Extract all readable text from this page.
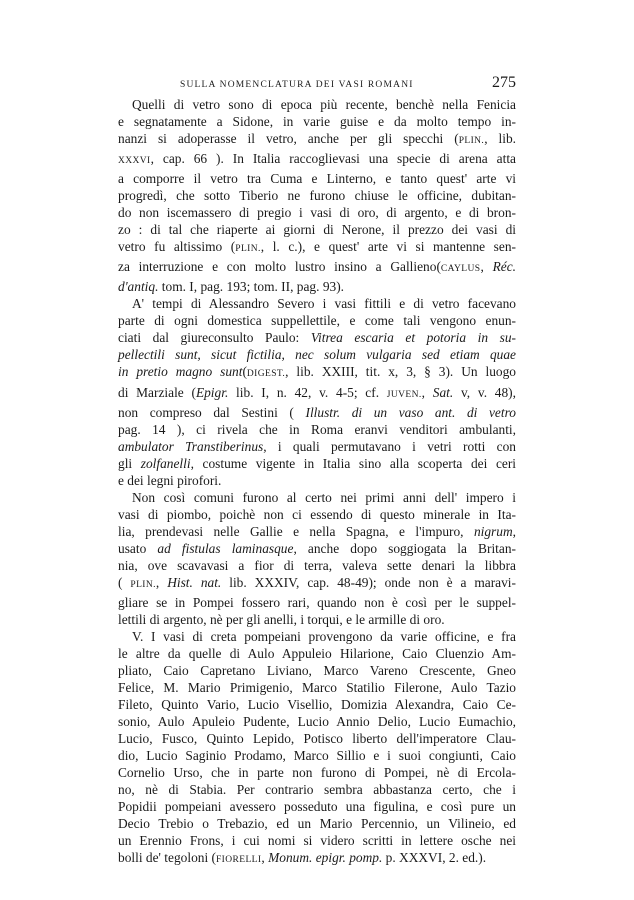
SULLA NOMENCLATURA DEI VASI ROMANI	275

Quelli di vetro sono di epoca più recente, benchè nella Fenicia
e segnatamente a Sidone, in varie guise e da molto tempo in-
nanzi si adoperasse il vetro, anche per gli specchi (PLIN., lib.
XXXVI, cap. 66 ). In Italia raccoglievasi una specie di arena atta
a comporre il vetro tra Cuma e Linterno, e tanto quest' arte vi
progredì, che sotto Tiberio ne furono chiuse le officine, dubitan-
do non iscemassero di pregio i vasi di oro, di argento, e di bron-
zo : di tal che riaperte ai giorni di Nerone, il prezzo dei vasi di
vetro fu altissimo (PLIN., l. c.), e quest' arte vi si mantenne sen-
za interruzione e con molto lustro insino a Gallieno(CAYLUS, Réc.
d'antiq. tom. I, pag. 193; tom. II, pag. 93).

A' tempi di Alessandro Severo i vasi fittili e di vetro facevano
parte di ogni domestica suppellettile, e come tali vengono enun-
ciati dal giureconsulto Paulo: Vitrea escaria et potoria in su-
pellectili sunt, sicut fictilia, nec solum vulgaria sed etiam quae
in pretio magno sunt(DIGEST., lib. XXIII, tit. x, 3, § 3). Un luogo
di Marziale (Epigr. lib. I, n. 42, v. 4-5; cf. JUVEN., Sat. v, v. 48),
non compreso dal Sestini ( Illustr. di un vaso ant. di vetro
pag. 14 ), ci rivela che in Roma eranvi venditori ambulanti,
ambulator Transtiberinus, i quali permutavano i vetri rotti con
gli zolfanelli, costume vigente in Italia sino alla scoperta dei ceri
e dei legni pirofori.

Non così comuni furono al certo nei primi anni dell' impero i
vasi di piombo, poichè non ci essendo di questo minerale in Ita-
lia, prendevasi nelle Gallie e nella Spagna, e l'impuro, nigrum,
usato ad fistulas laminasque, anche dopo soggiogata la Britan-
nia, ove scavavasi a fior di terra, valeva sette denari la libbra
( PLIN., Hist. nat. lib. XXXIV, cap. 48-49); onde non è a maravi-
gliare se in Pompei fossero rari, quando non è così per le suppel-
lettili di argento, nè per gli anelli, i torqui, e le armille di oro.

V. I vasi di creta pompeiani provengono da varie officine, e fra
le altre da quelle di Aulo Appuleio Hilarione, Caio Cluenzio Am-
pliato, Caio Capretano Liviano, Marco Vareno Crescente, Gneo
Felice, M. Mario Primigenio, Marco Statilio Filerone, Aulo Tazio
Fileto, Quinto Vario, Lucio Visellio, Domizia Alexandra, Caio Ce-
sonio, Aulo Apuleio Pudente, Lucio Annio Delio, Lucio Eumachio,
Lucio, Fusco, Quinto Lepido, Potisco liberto dell'imperatore Clau-
dio, Lucio Saginio Prodamo, Marco Sillio e i suoi congiunti, Caio
Cornelio Urso, che in parte non furono di Pompei, nè di Ercola-
no, nè di Stabia. Per contrario sembra abbastanza certo, che i
Popidii pompeiani avessero posseduto una figulina, e così pure un
Decio Trebio o Trebazio, ed un Mario Percennio, un Vilineio, ed
un Erennio Frons, i cui nomi si videro scritti in lettere osche nei
bolli de' tegoloni (FIORELLI, Monum. epigr. pomp. p. XXXVI, 2. ed.).
